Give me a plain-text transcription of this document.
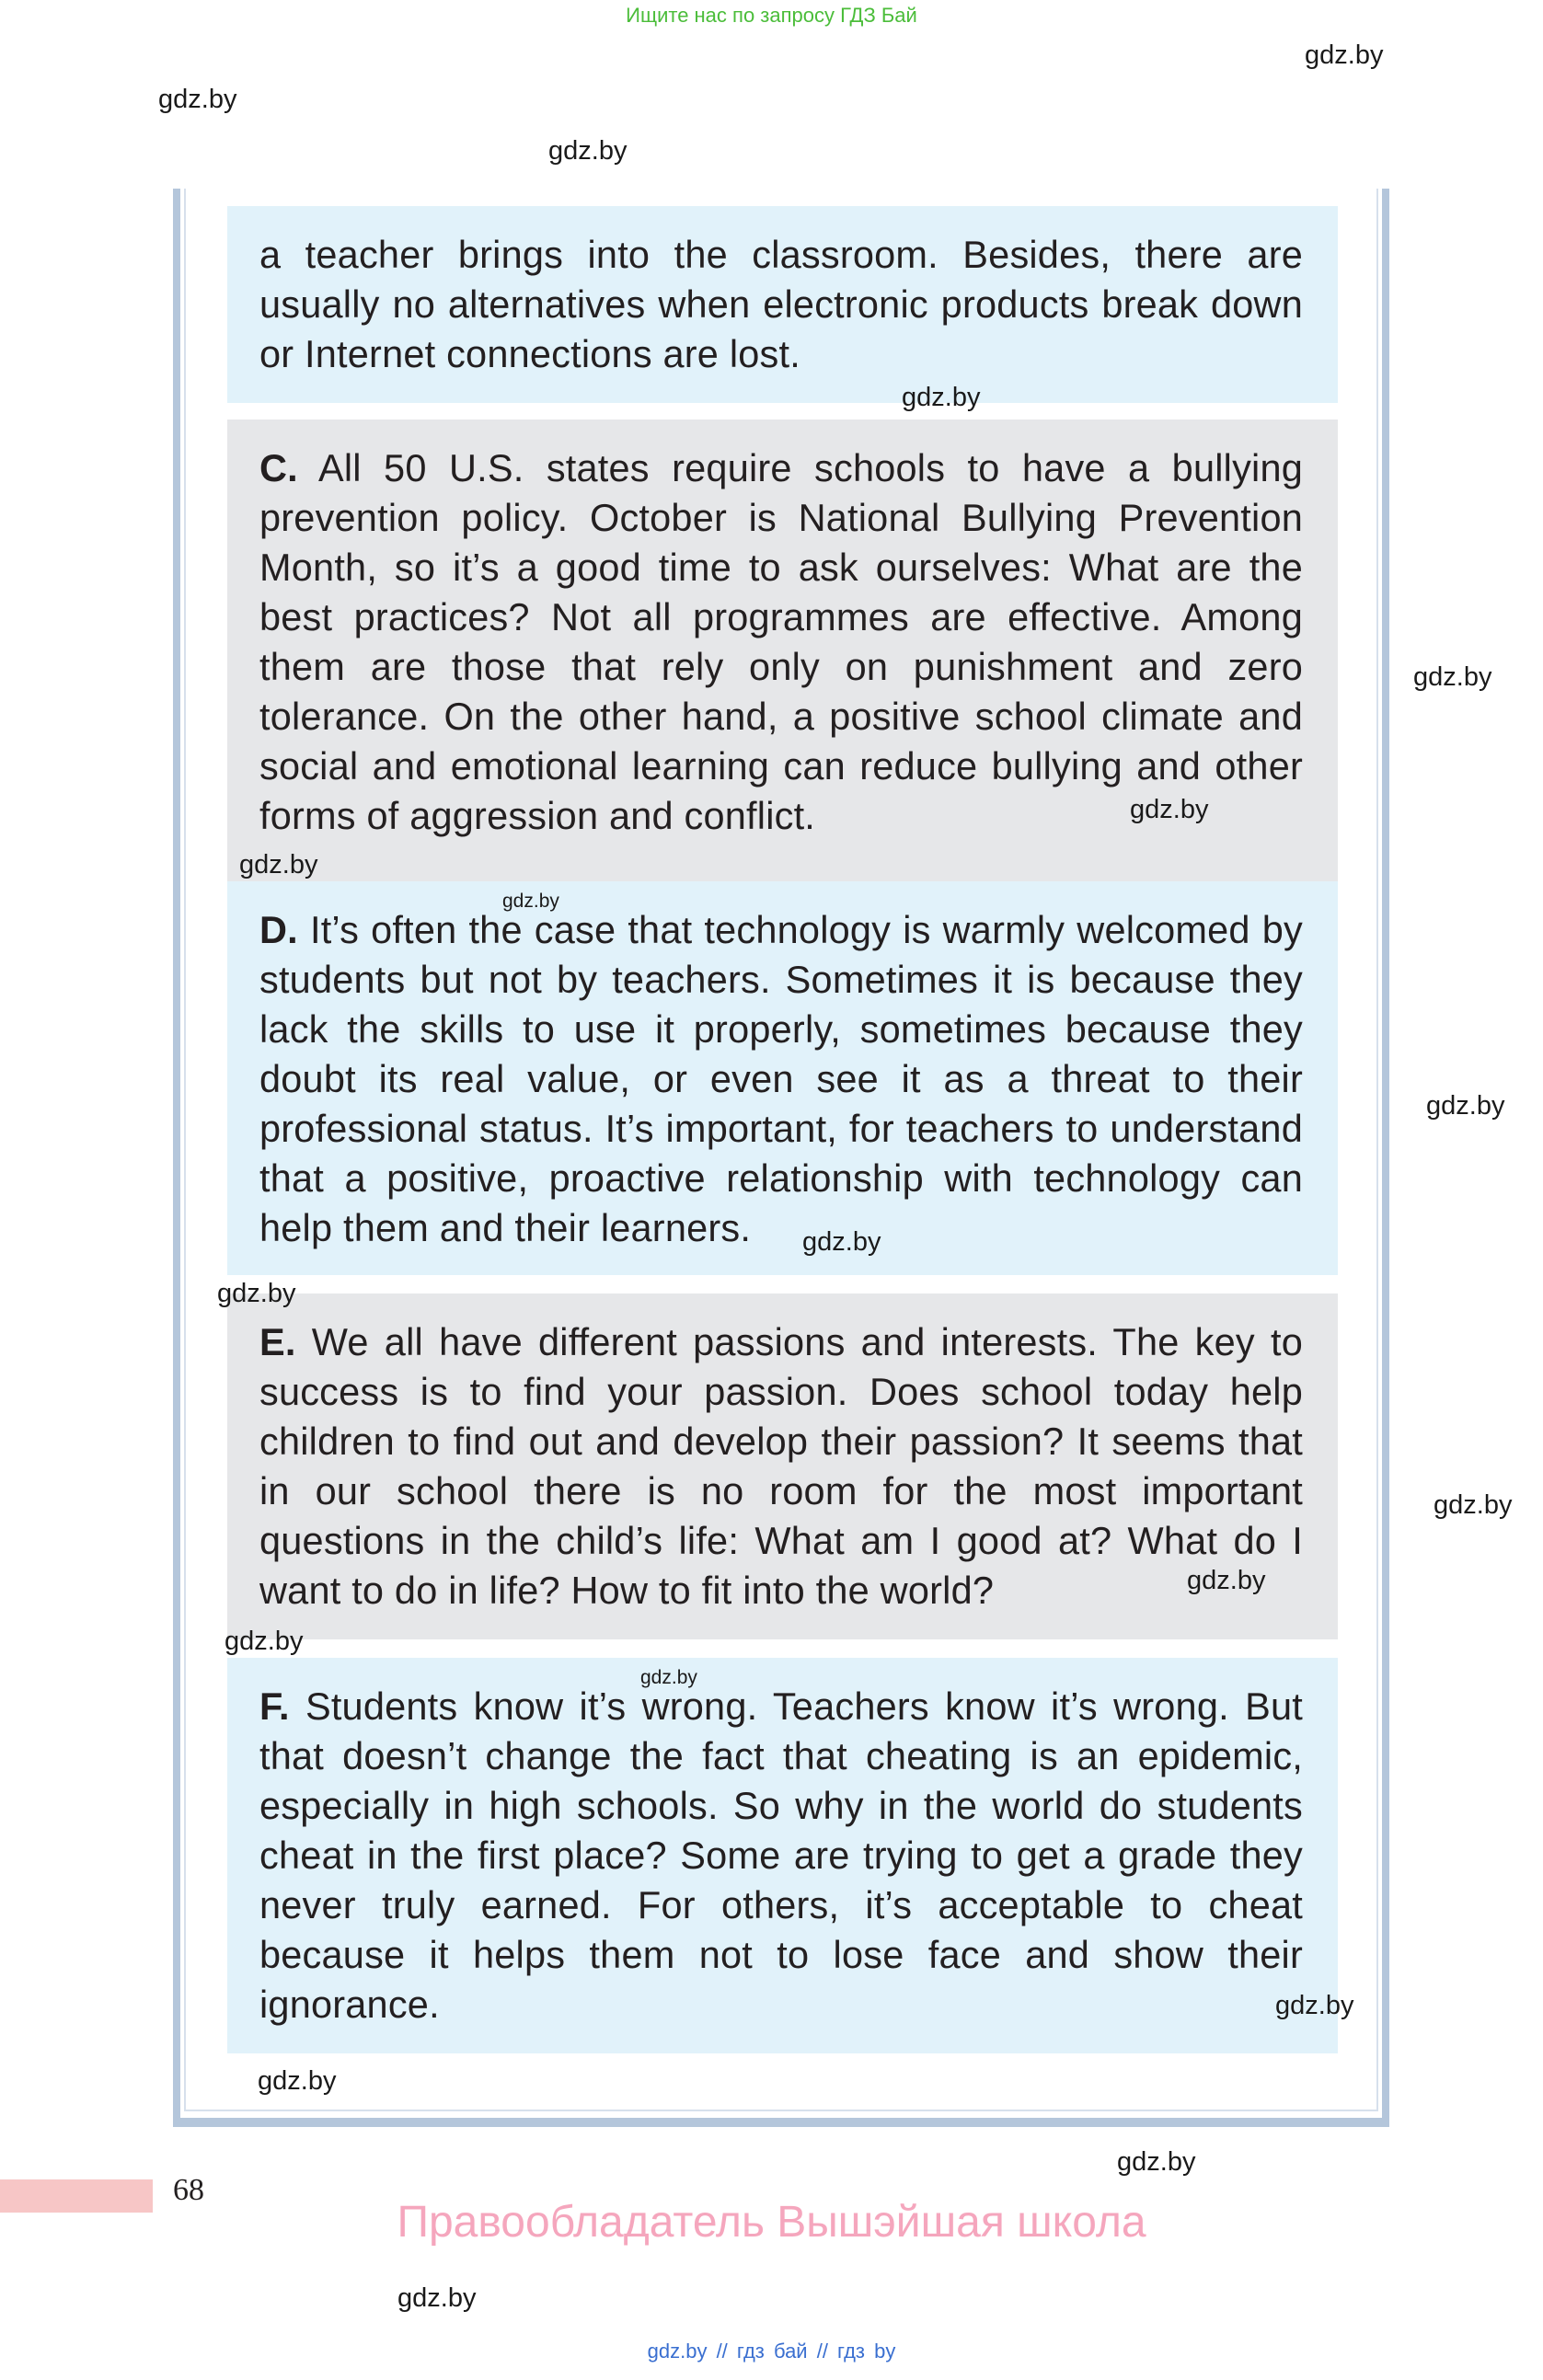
Ищите нас по запросу ГДЗ Бай

a teacher brings into the classroom. Besides, there are usually no alternatives when electronic products break down or Internet connections are lost.

C. All 50 U.S. states require schools to have a bullying prevention policy. October is National Bullying Prevention Month, so it’s a good time to ask ourselves: What are the best practices? Not all programmes are effective. Among them are those that rely only on punishment and zero tolerance. On the other hand, a positive school climate and social and emotional learning can reduce bullying and other forms of aggression and conflict.

D. It’s often the case that technology is warmly welcomed by students but not by teachers. Sometimes it is because they lack the skills to use it properly, sometimes because they doubt its real value, or even see it as a threat to their professional status. It’s important, for teachers to understand that a positive, proactive relationship with technology can help them and their learners.

E. We all have different passions and interests. The key to success is to find your passion. Does school today help children to find out and develop their passion? It seems that in our school there is no room for the most important questions in the child’s life: What am I good at? What do I want to do in life? How to fit into the world?

F. Students know it’s wrong. Teachers know it’s wrong. But that doesn’t change the fact that cheating is an epidemic, especially in high schools. So why in the world do students cheat in the first place? Some are trying to get a grade they never truly earned. For others, it’s acceptable to cheat because it helps them not to lose face and show their ignorance.

gdz.by
gdz.by
gdz.by
gdz.by
gdz.by
gdz.by
gdz.by
gdz.by
gdz.by
gdz.by
gdz.by
gdz.by
gdz.by
gdz.by
gdz.by
gdz.by
gdz.by
gdz.by
gdz.by
68
Правообладатель Вышэйшая школа
gdz.by // гдз бай // гдз by
